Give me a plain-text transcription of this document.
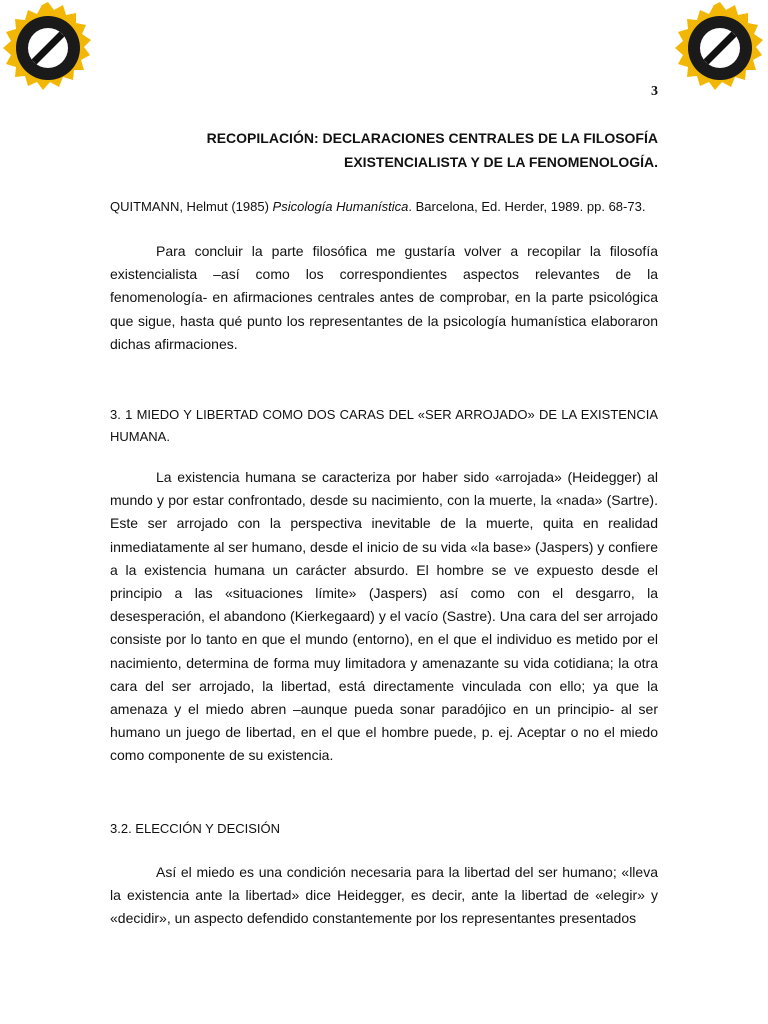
3
RECOPILACIÓN: DECLARACIONES CENTRALES DE LA FILOSOFÍA
EXISTENCIALISTA Y DE LA FENOMENOLOGÍA.
QUITMANN, Helmut (1985) Psicología Humanística. Barcelona, Ed. Herder, 1989. pp. 68-73.
Para concluir la parte filosófica me gustaría volver a recopilar la filosofía existencialista –así como los correspondientes aspectos relevantes de la fenomenología- en afirmaciones centrales antes de comprobar, en la parte psicológica que sigue, hasta qué punto los representantes de la psicología humanística elaboraron dichas afirmaciones.
3. 1 MIEDO Y LIBERTAD COMO DOS CARAS DEL «SER ARROJADO» DE LA EXISTENCIA HUMANA.
La existencia humana se caracteriza por haber sido «arrojada» (Heidegger) al mundo y por estar confrontado, desde su nacimiento, con la muerte, la «nada» (Sartre). Este ser arrojado con la perspectiva inevitable de la muerte, quita en realidad inmediatamente al ser humano, desde el inicio de su vida «la base» (Jaspers) y confiere a la existencia humana un carácter absurdo. El hombre se ve expuesto desde el principio a las «situaciones límite» (Jaspers) así como con el desgarro, la desesperación, el abandono (Kierkegaard) y el vacío (Sastre). Una cara del ser arrojado consiste por lo tanto en que el mundo (entorno), en el que el individuo es metido por el nacimiento, determina de forma muy limitadora y amenazante su vida cotidiana; la otra cara del ser arrojado, la libertad, está directamente vinculada con ello; ya que la amenaza y el miedo abren –aunque pueda sonar paradójico en un principio- al ser humano un juego de libertad, en el que el hombre puede, p. ej. Aceptar o no el miedo como componente de su existencia.
3.2. ELECCIÓN Y DECISIÓN
Así el miedo es una condición necesaria para la libertad del ser humano; «lleva la existencia ante la libertad» dice Heidegger, es decir, ante la libertad de «elegir» y «decidir», un aspecto defendido constantemente por los representantes presentados
